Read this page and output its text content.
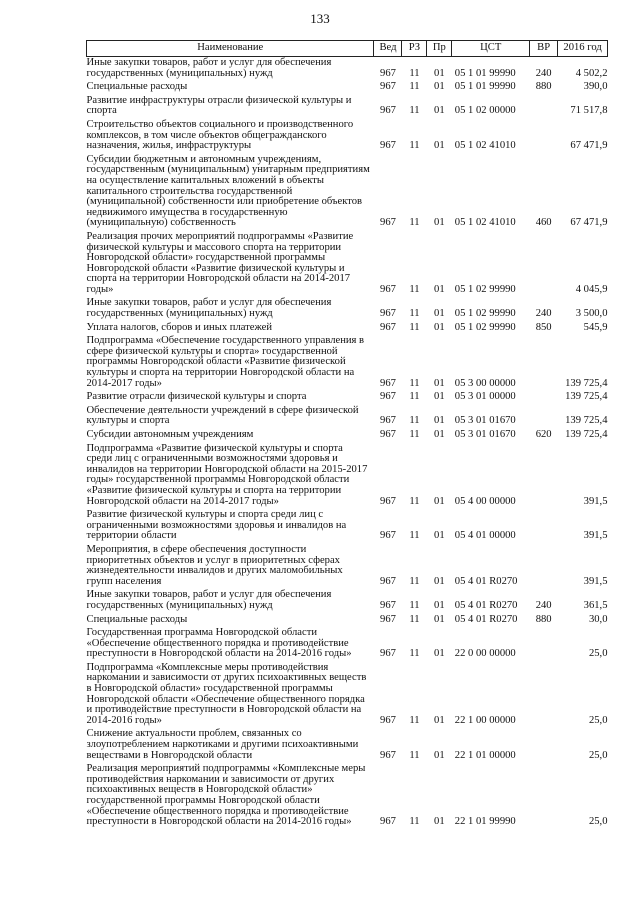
133
Наименование	Вед	РЗ	Пр	ЦСТ	ВР	2016 год
Иные закупки товаров, работ и услуг для обеспечения государственных (муниципальных) нужд	967	11	01	05 1 01 99990	240	4 502,2
Специальные расходы	967	11	01	05 1 01 99990	880	390,0
Развитие инфраструктуры отрасли физической культуры и спорта	967	11	01	05 1 02 00000		71 517,8
Строительство объектов социального и производственного комплексов, в том числе объектов общегражданского назначения, жилья, инфраструктуры	967	11	01	05 1 02 41010		67 471,9
Субсидии бюджетным и автономным учреждениям, государственным (муниципальным) унитарным предприятиям на осуществление капитальных вложений в объекты капитального строительства государственной (муниципальной) собственности или приобретение объектов недвижимого имущества в государственную (муниципальную) собственность	967	11	01	05 1 02 41010	460	67 471,9
Реализация прочих мероприятий подпрограммы «Развитие физической культуры и массового спорта на территории Новгородской области» государственной программы Новгородской области «Развитие физической культуры и спорта на территории Новгородской области на 2014-2017 годы»	967	11	01	05 1 02 99990		4 045,9
Иные закупки товаров, работ и услуг для обеспечения государственных (муниципальных) нужд	967	11	01	05 1 02 99990	240	3 500,0
Уплата налогов, сборов и иных платежей	967	11	01	05 1 02 99990	850	545,9
Подпрограмма «Обеспечение государственного управления в сфере физической культуры и спорта» государственной программы Новгородской области «Развитие физической культуры и спорта на территории Новгородской области на 2014-2017 годы»	967	11	01	05 3 00 00000		139 725,4
Развитие отрасли физической культуры и спорта	967	11	01	05 3 01 00000		139 725,4
Обеспечение деятельности учреждений в сфере физической культуры и спорта	967	11	01	05 3 01 01670		139 725,4
Субсидии автономным учреждениям	967	11	01	05 3 01 01670	620	139 725,4
Подпрограмма «Развитие физической культуры и спорта среди лиц с ограниченными возможностями здоровья и инвалидов на территории Новгородской области на 2015-2017 годы» государственной программы Новгородской области «Развитие физической культуры и спорта на территории Новгородской области на 2014-2017 годы»	967	11	01	05 4 00 00000		391,5
Развитие физической культуры и спорта среди лиц с ограниченными возможностями здоровья и инвалидов на территории области	967	11	01	05 4 01 00000		391,5
Мероприятия, в сфере обеспечения доступности приоритетных объектов и услуг в приоритетных сферах жизнедеятельности инвалидов и других маломобильных групп населения	967	11	01	05 4 01 R0270		391,5
Иные закупки товаров, работ и услуг для обеспечения государственных (муниципальных) нужд	967	11	01	05 4 01 R0270	240	361,5
Специальные расходы	967	11	01	05 4 01 R0270	880	30,0
Государственная программа Новгородской области «Обеспечение общественного порядка и противодействие преступности в Новгородской области на 2014-2016 годы»	967	11	01	22 0 00 00000		25,0
Подпрограмма «Комплексные меры противодействия наркомании и зависимости от других психоактивных веществ в Новгородской области» государственной программы Новгородской области «Обеспечение общественного порядка и противодействие преступности в Новгородской области на 2014-2016 годы»	967	11	01	22 1 00 00000		25,0
Снижение актуальности проблем, связанных со злоупотреблением наркотиками и другими психоактивными веществами в Новгородской области	967	11	01	22 1 01 00000		25,0
Реализация мероприятий подпрограммы «Комплексные меры противодействия наркомании и зависимости от других психоактивных веществ в Новгородской области» государственной программы Новгородской области «Обеспечение общественного порядка и противодействие преступности в Новгородской области на 2014-2016 годы»	967	11	01	22 1 01 99990		25,0
